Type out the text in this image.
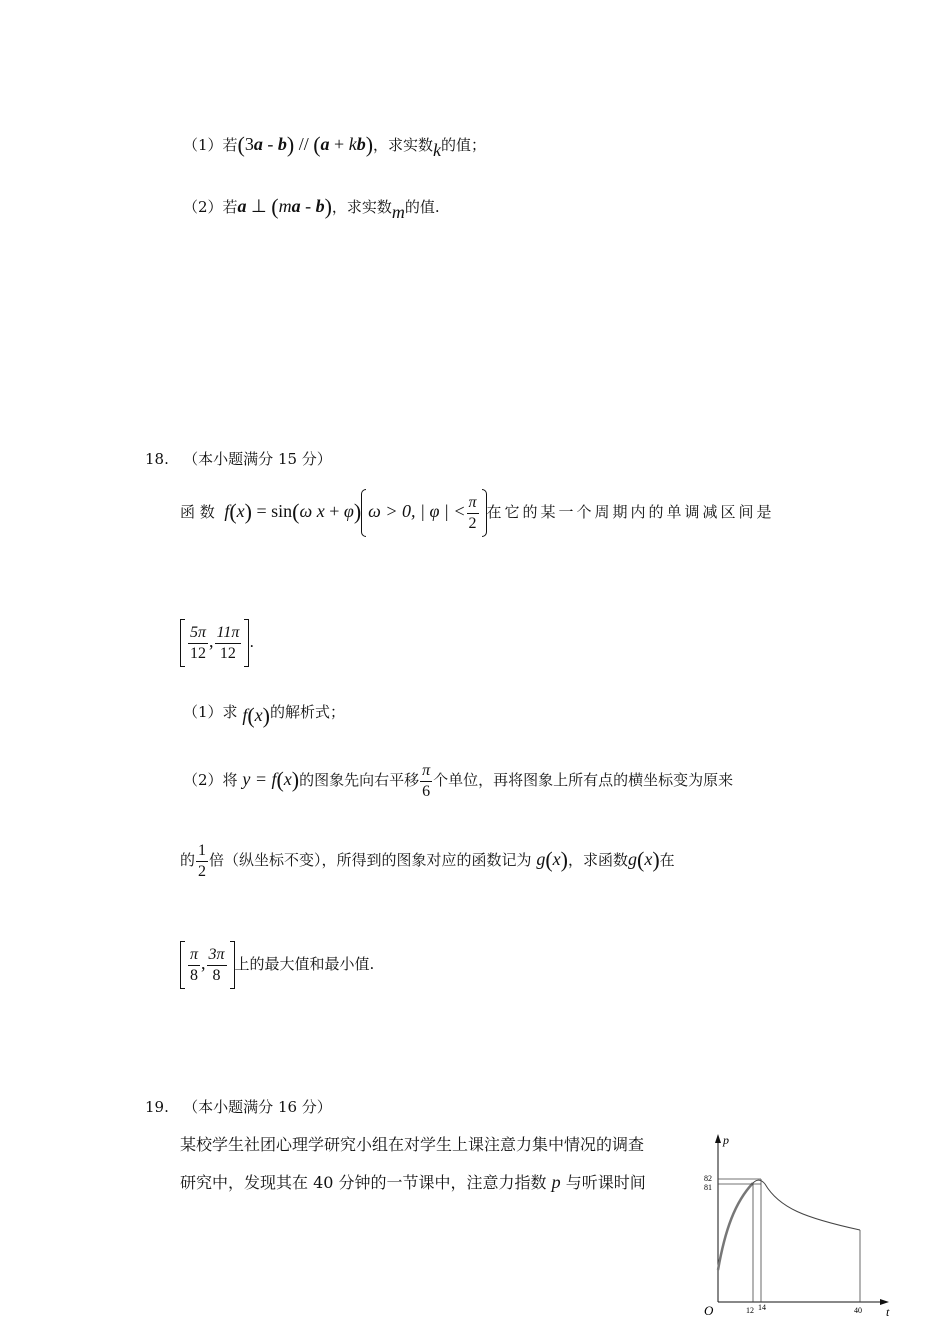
（1）若(3a - b) // (a + kb)，求实数k的值；
（2）若a ⊥ (ma - b)，求实数m的值.
18. （本小题满分 15 分）
函 数 f(x) = sin(ω x + φ) ω > 0, | φ | < $\frac{\pi}{2}$ 在它的某一个周期内的单调减区间是
$\frac{5\pi}{12}$ , $\frac{11\pi}{12}$ .
（1）求 f(x)的解析式；
（2）将 y = f(x)的图象先向右平移 $\frac{\pi}{6}$ 个单位，再将图象上所有点的横坐标变为原来
的 $\frac{1}{2}$ 倍（纵坐标不变），所得到的图象对应的函数记为 g(x)，求函数g(x)在
$\frac{\pi}{8}$ , $\frac{3\pi}{8}$ 上的最大值和最小值.
19. （本小题满分 16 分）
某校学生社团心理学研究小组在对学生上课注意力集中情况的调查
研究中，发现其在 40 分钟的一节课中，注意力指数 p 与听课时间
p
t
O
82
81
12 14	40
